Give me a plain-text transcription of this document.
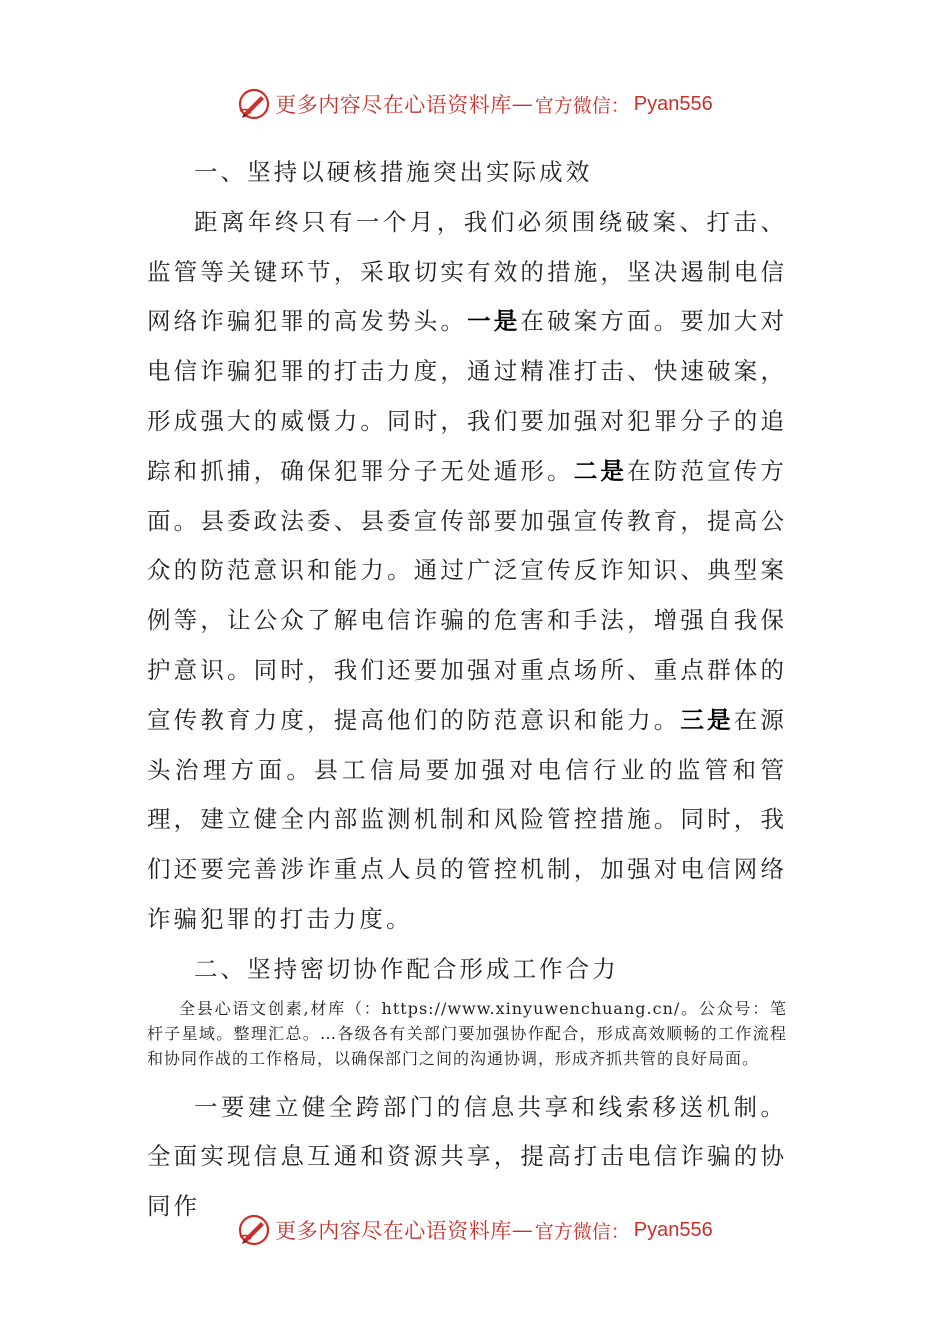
更多内容尽在心语资料库 — 官方微信： Pyan556

一、坚持以硬核措施突出实际成效

距离年终只有一个月，我们必须围绕破案、打击、监管等关键环节，采取切实有效的措施，坚决遏制电信网络诈骗犯罪的高发势头。一是在破案方面。要加大对电信诈骗犯罪的打击力度，通过精准打击、快速破案，形成强大的威慑力。同时，我们要加强对犯罪分子的追踪和抓捕，确保犯罪分子无处遁形。二是在防范宣传方面。县委政法委、县委宣传部要加强宣传教育，提高公众的防范意识和能力。通过广泛宣传反诈知识、典型案例等，让公众了解电信诈骗的危害和手法，增强自我保护意识。同时，我们还要加强对重点场所、重点群体的宣传教育力度，提高他们的防范意识和能力。三是在源头治理方面。县工信局要加强对电信行业的监管和管理，建立健全内部监测机制和风险管控措施。同时，我们还要完善涉诈重点人员的管控机制，加强对电信网络诈骗犯罪的打击力度。

二、坚持密切协作配合形成工作合力

全县心语文创素,材库（：https://www.xinyuwenchuang.cn/。公众号：笔杆子星域。整理汇总。…各级各有关部门要加强协作配合，形成高效顺畅的工作流程和协同作战的工作格局，以确保部门之间的沟通协调，形成齐抓共管的良好局面。

一要建立健全跨部门的信息共享和线索移送机制。全面实现信息互通和资源共享，提高打击电信诈骗的协同作

更多内容尽在心语资料库 — 官方微信： Pyan556
